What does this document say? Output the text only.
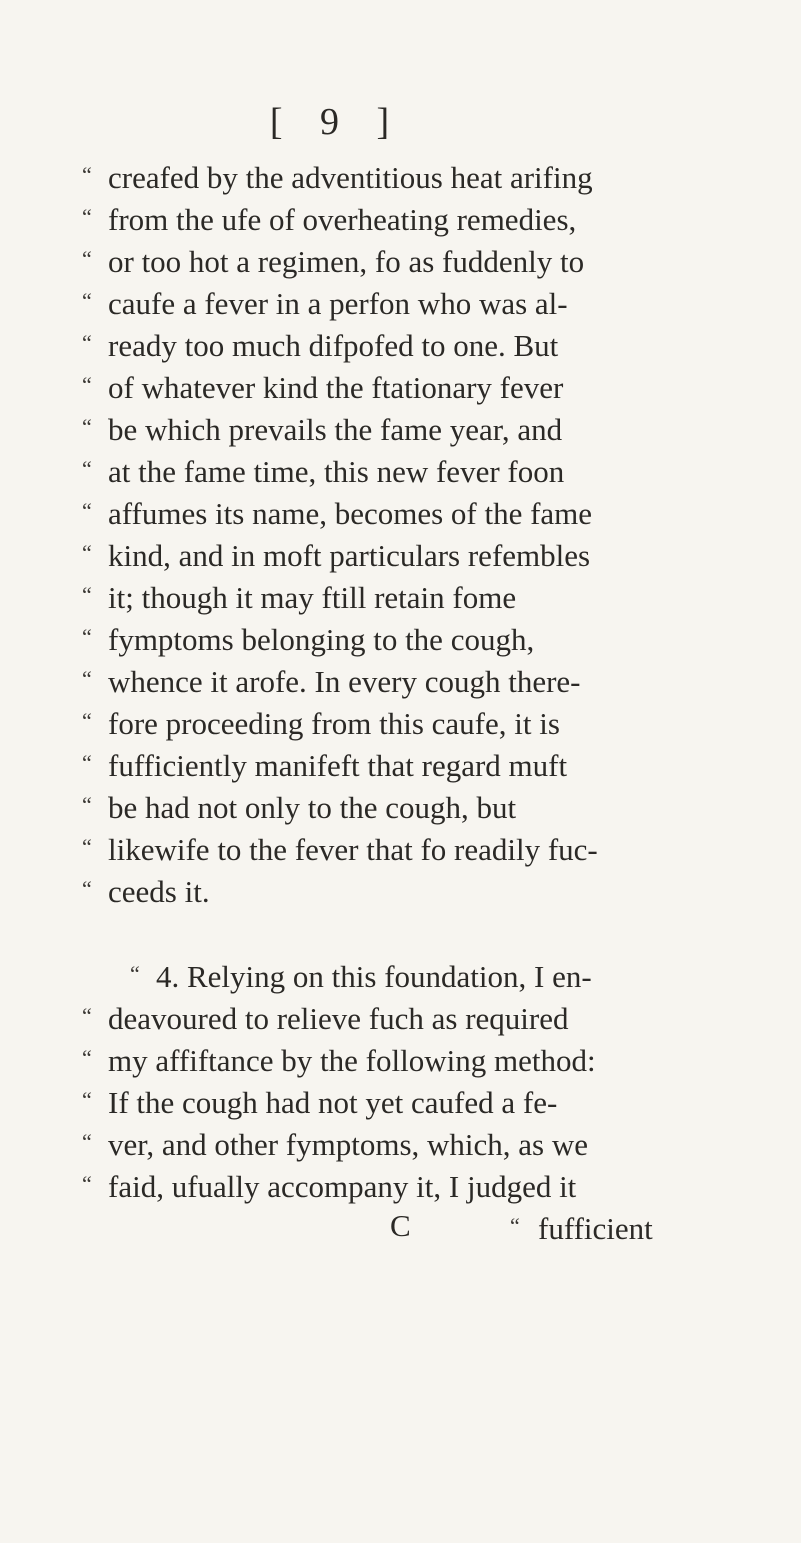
[ 9 ]
“ creafed by the adventitious heat arifing
“ from the ufe of overheating remedies,
“ or too hot a regimen, fo as fuddenly to
“ caufe a fever in a perfon who was al-
“ ready too much difpofed to one. But
“ of whatever kind the ftationary fever
“ be which prevails the fame year, and
“ at the fame time, this new fever foon
“ affumes its name, becomes of the fame
“ kind, and in moft particulars refembles
“ it; though it may ftill retain fome
“ fymptoms belonging to the cough,
“ whence it arofe. In every cough there-
“ fore proceeding from this caufe, it is
“ fufficiently manifeft that regard muft
“ be had not only to the cough, but
“ likewife to the fever that fo readily fuc-
“ ceeds it.
“ 4. Relying on this foundation, I en-
“ deavoured to relieve fuch as required
“ my affiftance by the following method:
“ If the cough had not yet caufed a fe-
“ ver, and other fymptoms, which, as we
“ faid, ufually accompany it, I judged it
C	“ fufficient
